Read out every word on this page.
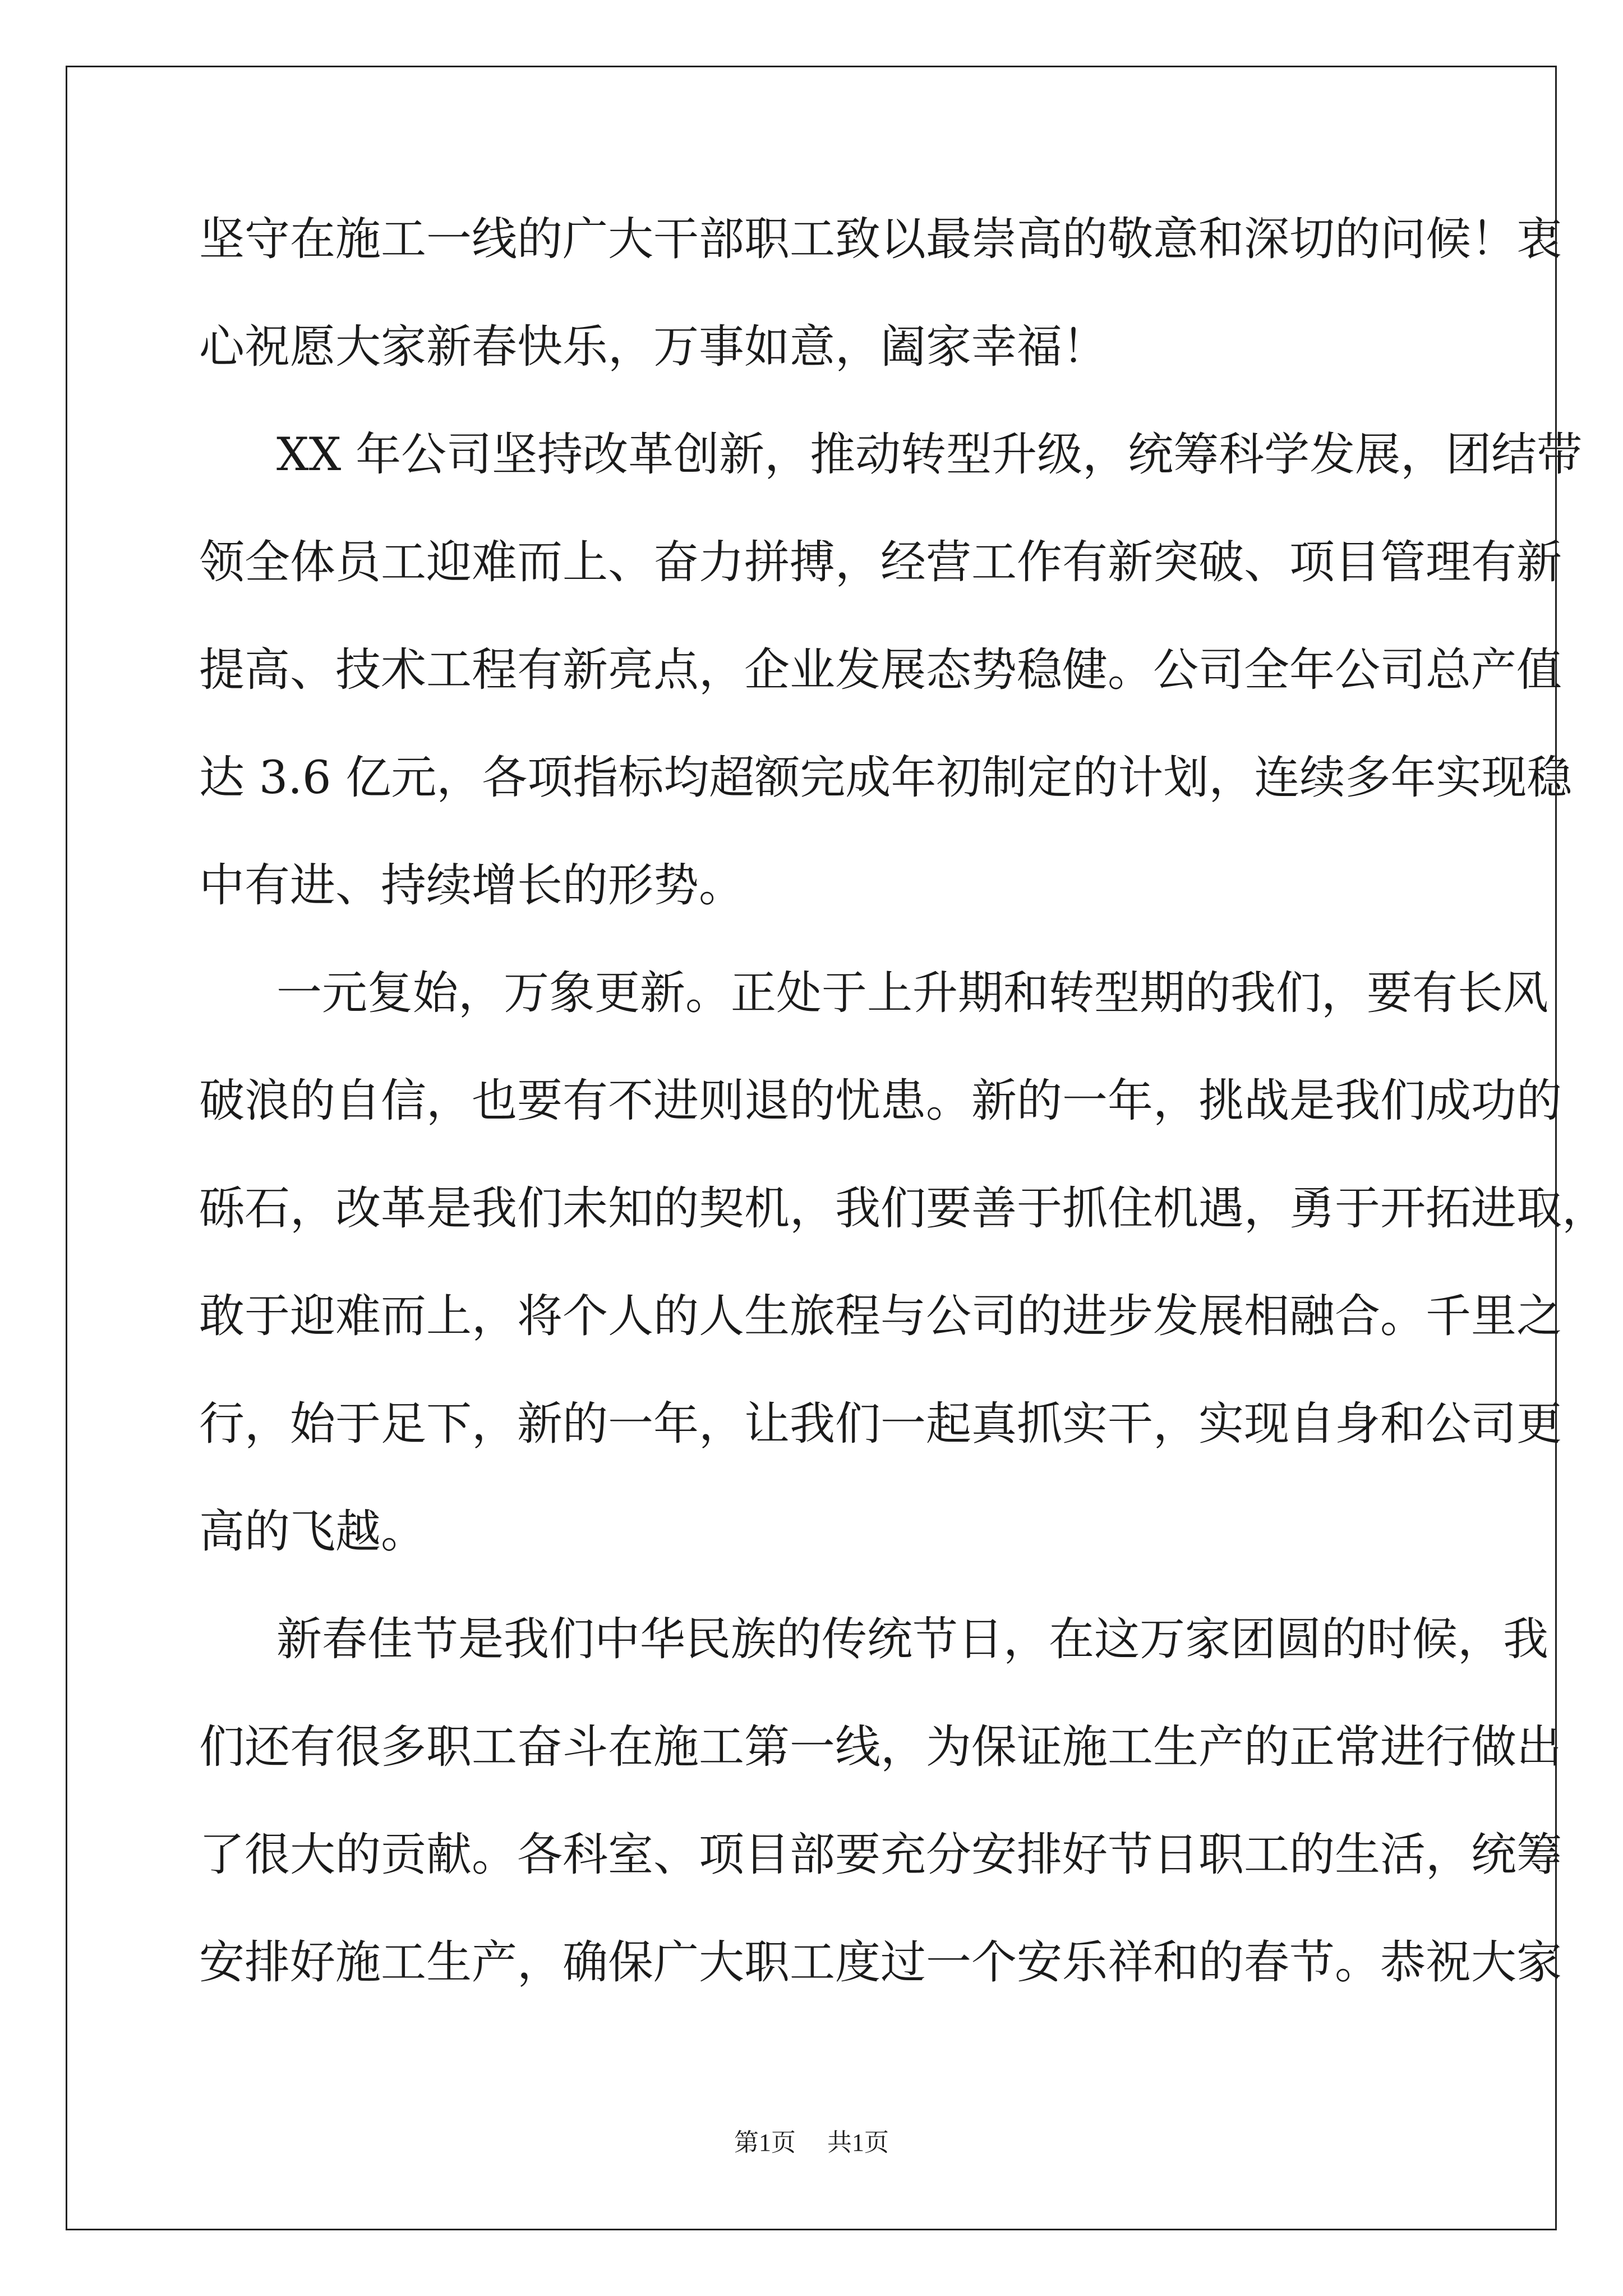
坚守在施工一线的广大干部职工致以最崇高的敬意和深切的问候！衷
心祝愿大家新春快乐，万事如意，阖家幸福！
XX 年公司坚持改革创新，推动转型升级，统筹科学发展，团结带
领全体员工迎难而上、奋力拼搏，经营工作有新突破、项目管理有新
提高、技术工程有新亮点，企业发展态势稳健。公司全年公司总产值
达 3.6 亿元，各项指标均超额完成年初制定的计划，连续多年实现稳
中有进、持续增长的形势。
一元复始，万象更新。正处于上升期和转型期的我们，要有长风
破浪的自信，也要有不进则退的忧患。新的一年，挑战是我们成功的
砾石，改革是我们未知的契机，我们要善于抓住机遇，勇于开拓进取，
敢于迎难而上，将个人的人生旅程与公司的进步发展相融合。千里之
行，始于足下，新的一年，让我们一起真抓实干，实现自身和公司更
高的飞越。
新春佳节是我们中华民族的传统节日，在这万家团圆的时候，我
们还有很多职工奋斗在施工第一线，为保证施工生产的正常进行做出
了很大的贡献。各科室、项目部要充分安排好节日职工的生活，统筹
安排好施工生产，确保广大职工度过一个安乐祥和的春节。恭祝大家
第1页 共1页
